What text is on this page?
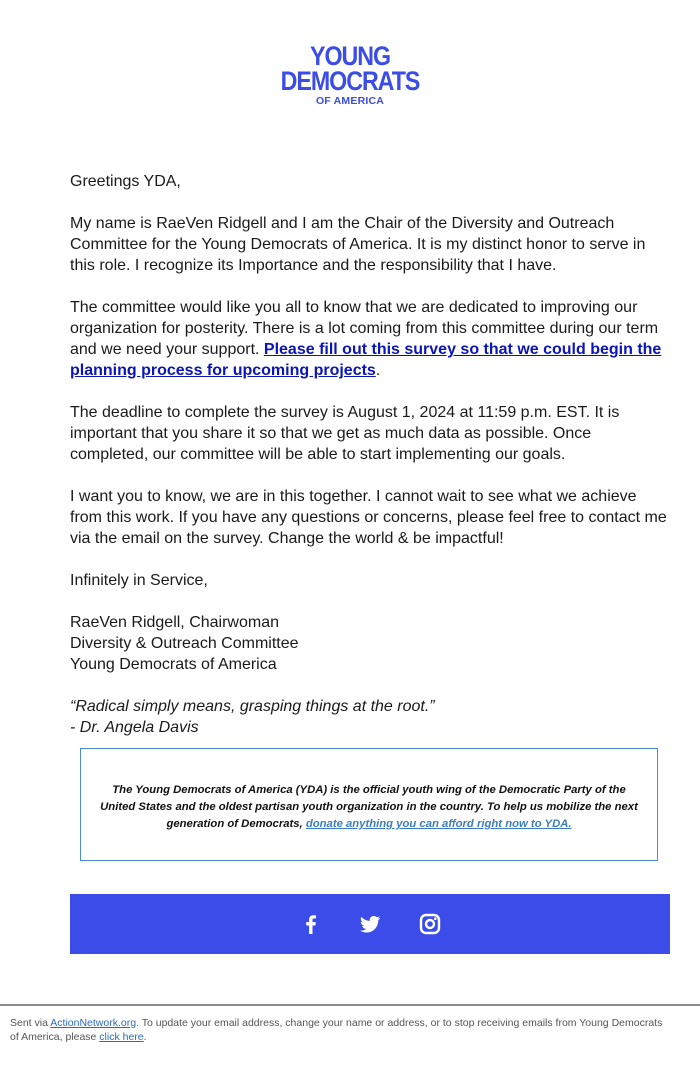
YOUNG
DEMOCRATS
OF AMERICA

Greetings YDA,

My name is RaeVen Ridgell and I am the Chair of the Diversity and Outreach Committee for the Young Democrats of America. It is my distinct honor to serve in this role. I recognize its Importance and the responsibility that I have.

The committee would like you all to know that we are dedicated to improving our organization for posterity. There is a lot coming from this committee during our term and we need your support. Please fill out this survey so that we could begin the planning process for upcoming projects.

The deadline to complete the survey is August 1, 2024 at 11:59 p.m. EST. It is important that you share it so that we get as much data as possible. Once completed, our committee will be able to start implementing our goals.

I want you to know, we are in this together. I cannot wait to see what we achieve from this work. If you have any questions or concerns, please feel free to contact me via the email on the survey. Change the world & be impactful!

Infinitely in Service,

RaeVen Ridgell, Chairwoman
Diversity & Outreach Committee
Young Democrats of America

“Radical simply means, grasping things at the root.”
- Dr. Angela Davis

The Young Democrats of America (YDA) is the official youth wing of the Democratic Party of the United States and the oldest partisan youth organization in the country. To help us mobilize the next generation of Democrats, donate anything you can afford right now to YDA.

Sent via ActionNetwork.org. To update your email address, change your name or address, or to stop receiving emails from Young Democrats of America, please click here.
